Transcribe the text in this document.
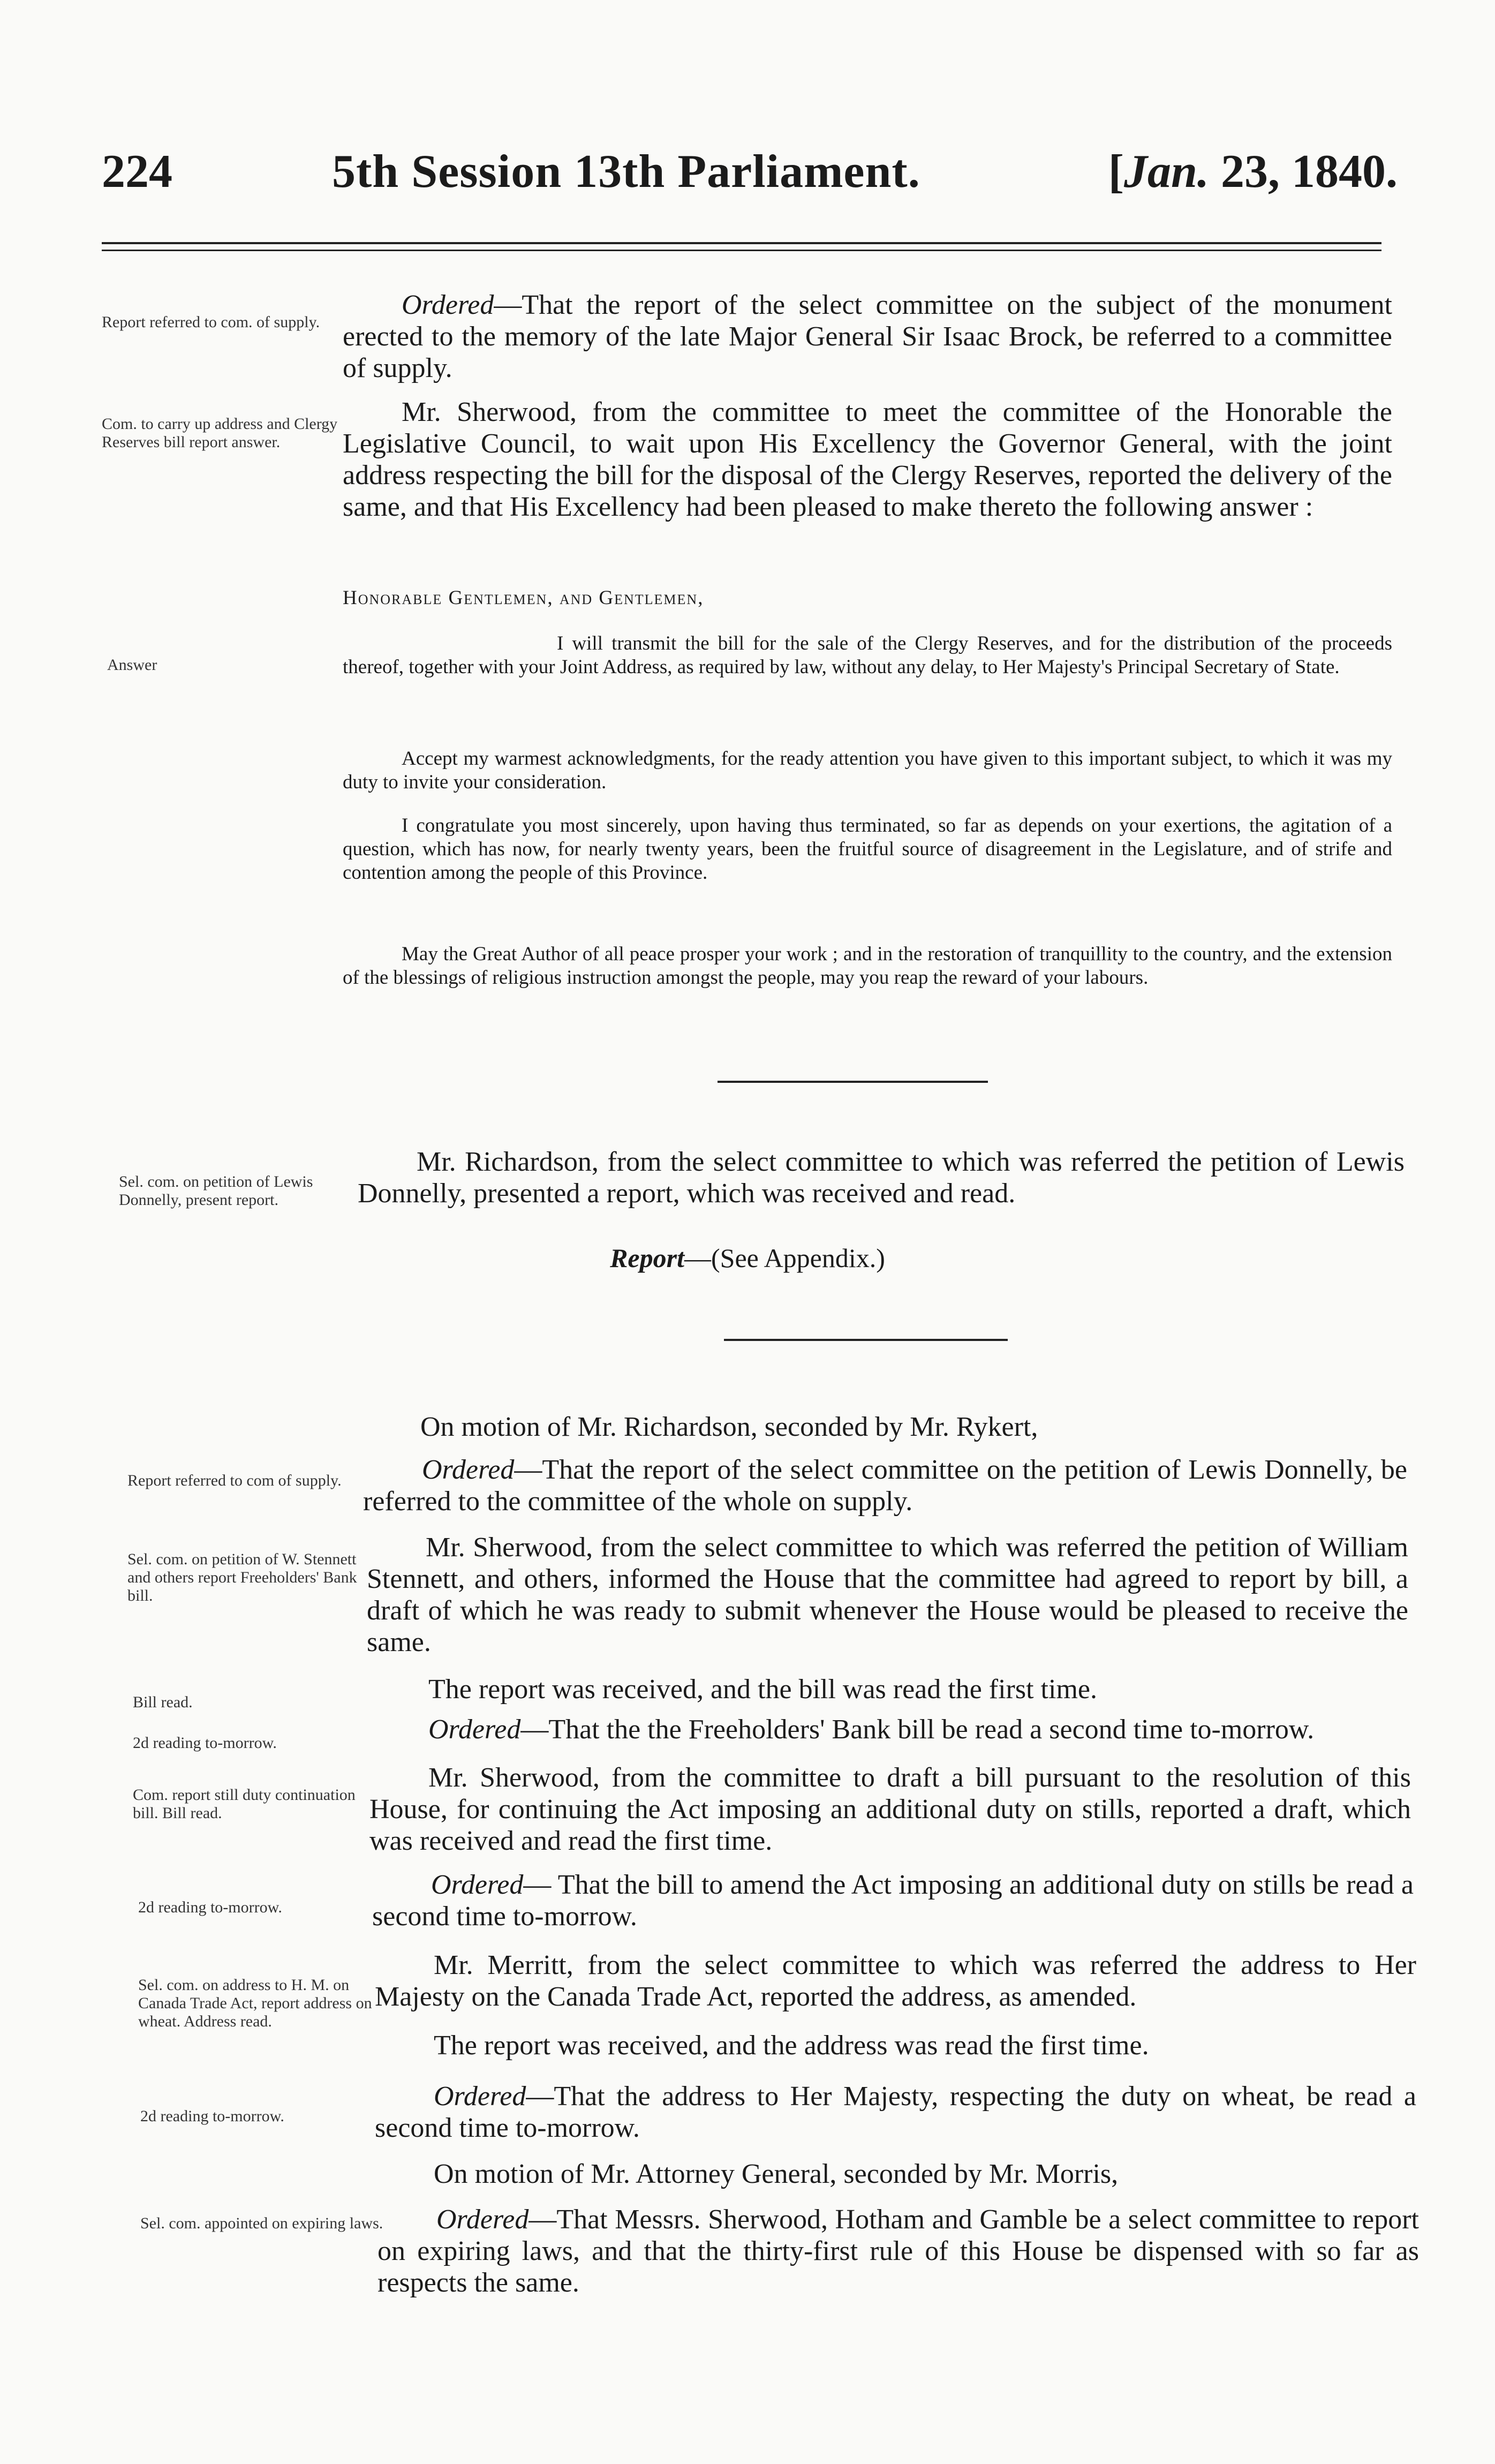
224	5th Session 13th Parliament.	[Jan. 23, 1840.
Report referred to com. of supply.
Ordered—That the report of the select committee on the subject of the monument erected to the memory of the late Major General Sir Isaac Brock, be referred to a committee of supply.
Com. to carry up address and Clergy Reserves bill report answer.
Mr. Sherwood, from the committee to meet the committee of the Honorable the Legislative Council, to wait upon His Excellency the Governor General, with the joint address respecting the bill for the disposal of the Clergy Reserves, reported the delivery of the same, and that His Excellency had been pleased to make thereto the following answer :
Honorable Gentlemen, and Gentlemen,
Answer
I will transmit the bill for the sale of the Clergy Reserves, and for the distribution of the proceeds thereof, together with your Joint Address, as required by law, without any delay, to Her Majesty's Principal Secretary of State.
Accept my warmest acknowledgments, for the ready attention you have given to this important subject, to which it was my duty to invite your consideration.
I congratulate you most sincerely, upon having thus terminated, so far as depends on your exertions, the agitation of a question, which has now, for nearly twenty years, been the fruitful source of disagreement in the Legislature, and of strife and contention among the people of this Province.
May the Great Author of all peace prosper your work ; and in the restoration of tranquillity to the country, and the extension of the blessings of religious instruction amongst the people, may you reap the reward of your labours.
Sel. com. on petition of Lewis Donnelly, present report.
Mr. Richardson, from the select committee to which was referred the petition of Lewis Donnelly, presented a report, which was received and read.
Report—(See Appendix.)
On motion of Mr. Richardson, seconded by Mr. Rykert,
Report referred to com of supply.	Ordered—That the report of the select committee on the petition of Lewis Donnelly, be referred to the committee of the whole on supply.
Sel. com. on petition of W. Stennett and others report Freeholders' Bank bill.
Mr. Sherwood, from the select committee to which was referred the petition of William Stennett, and others, informed the House that the committee had agreed to report by bill, a draft of which he was ready to submit whenever the House would be pleased to receive the same.
Bill read.	The report was received, and the bill was read the first time.
2d reading to-morrow.	Ordered—That the the Freeholders' Bank bill be read a second time to-morrow.
Com. report still duty continuation bill. Bill read.
Mr. Sherwood, from the committee to draft a bill pursuant to the resolution of this House, for continuing the Act imposing an additional duty on stills, reported a draft, which was received and read the first time.
2d reading to-morrow.
Ordered— That the bill to amend the Act imposing an additional duty on stills be read a second time to-morrow.
Sel. com. on address to H. M. on Canada Trade Act, report address on wheat. Address read.
Mr. Merritt, from the select committee to which was referred the address to Her Majesty on the Canada Trade Act, reported the address, as amended.
The report was received, and the address was read the first time.
2d reading to-morrow.
Ordered—That the address to Her Majesty, respecting the duty on wheat, be read a second time to-morrow.
On motion of Mr. Attorney General, seconded by Mr. Morris,
Sel. com. appointed on expiring laws.	Ordered—That Messrs. Sherwood, Hotham and Gamble be a select committee to report on expiring laws, and that the thirty-first rule of this House be dispensed with so far as respects the same.
